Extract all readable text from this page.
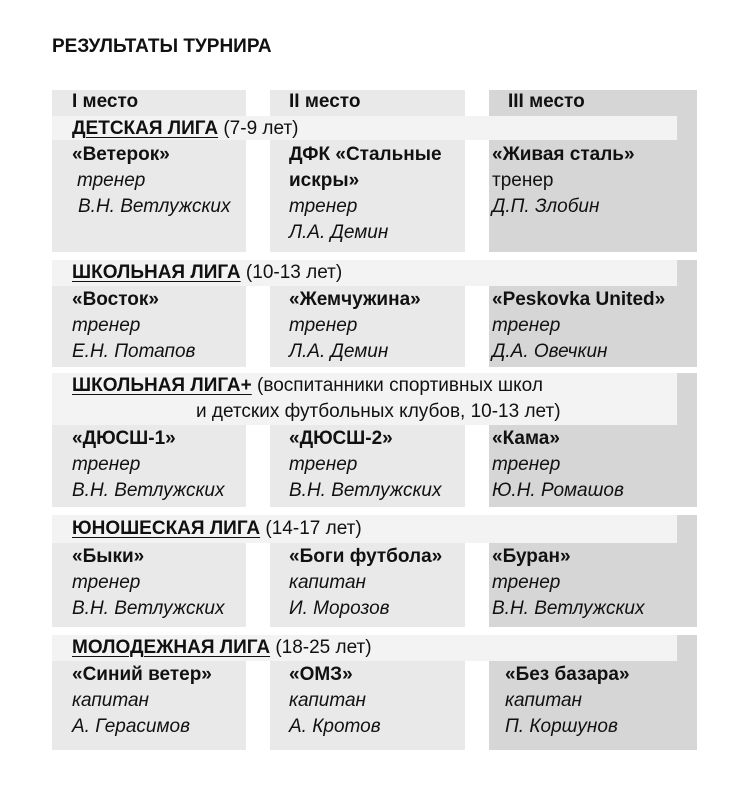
РЕЗУЛЬТАТЫ ТУРНИРА
I место	II место	III место
ДЕТСКАЯ ЛИГА (7-9 лет)
«Ветерок»
тренер
В.Н. Ветлужских
ДФК «Стальные искры»
тренер
Л.А. Демин
«Живая сталь»
тренер
Д.П. Злобин
ШКОЛЬНАЯ ЛИГА (10-13 лет)
«Восток»
тренер
Е.Н. Потапов
«Жемчужина»
тренер
Л.А. Демин
«Peskovka United»
тренер
Д.А. Овечкин
ШКОЛЬНАЯ ЛИГА+ (воспитанники спортивных школ
и детских футбольных клубов, 10-13 лет)
«ДЮСШ-1»
тренер
В.Н. Ветлужских
«ДЮСШ-2»
тренер
В.Н. Ветлужских
«Кама»
тренер
Ю.Н. Ромашов
ЮНОШЕСКАЯ ЛИГА (14-17 лет)
«Быки»
тренер
В.Н. Ветлужских
«Боги футбола»
капитан
И. Морозов
«Буран»
тренер
В.Н. Ветлужских
МОЛОДЕЖНАЯ ЛИГА (18-25 лет)
«Синий ветер»
капитан
А. Герасимов
«ОМЗ»
капитан
А. Кротов
«Без базара»
капитан
П. Коршунов
